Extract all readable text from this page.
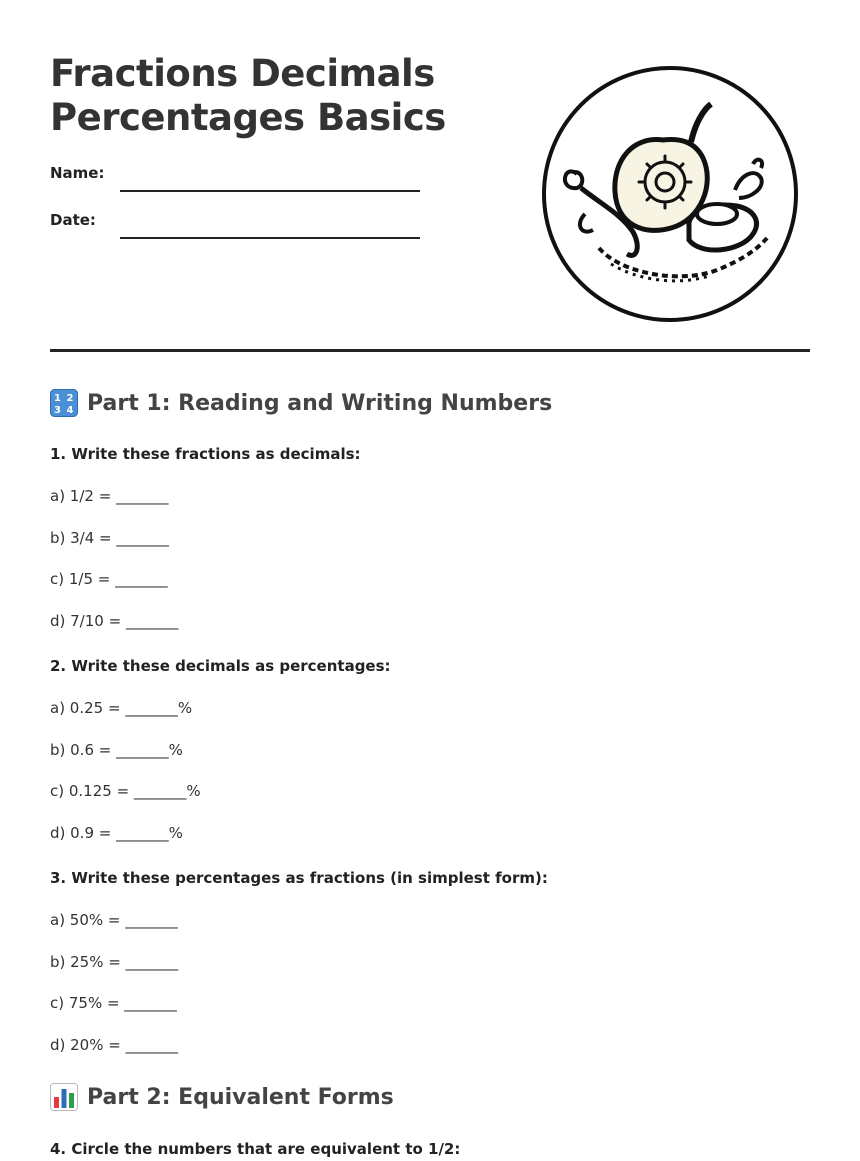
Fractions Decimals
Percentages Basics
Name:
Date:
1 2
3 4 Part 1: Reading and Writing Numbers

1. Write these fractions as decimals:

a) 1/2 = _______

b) 3/4 = _______

c) 1/5 = _______

d) 7/10 = _______

2. Write these decimals as percentages:

a) 0.25 = _______%

b) 0.6 = _______%

c) 0.125 = _______%

d) 0.9 = _______%

3. Write these percentages as fractions (in simplest form):

a) 50% = _______

b) 25% = _______

c) 75% = _______

d) 20% = _______

Part 2: Equivalent Forms

4. Circle the numbers that are equivalent to 1/2:
